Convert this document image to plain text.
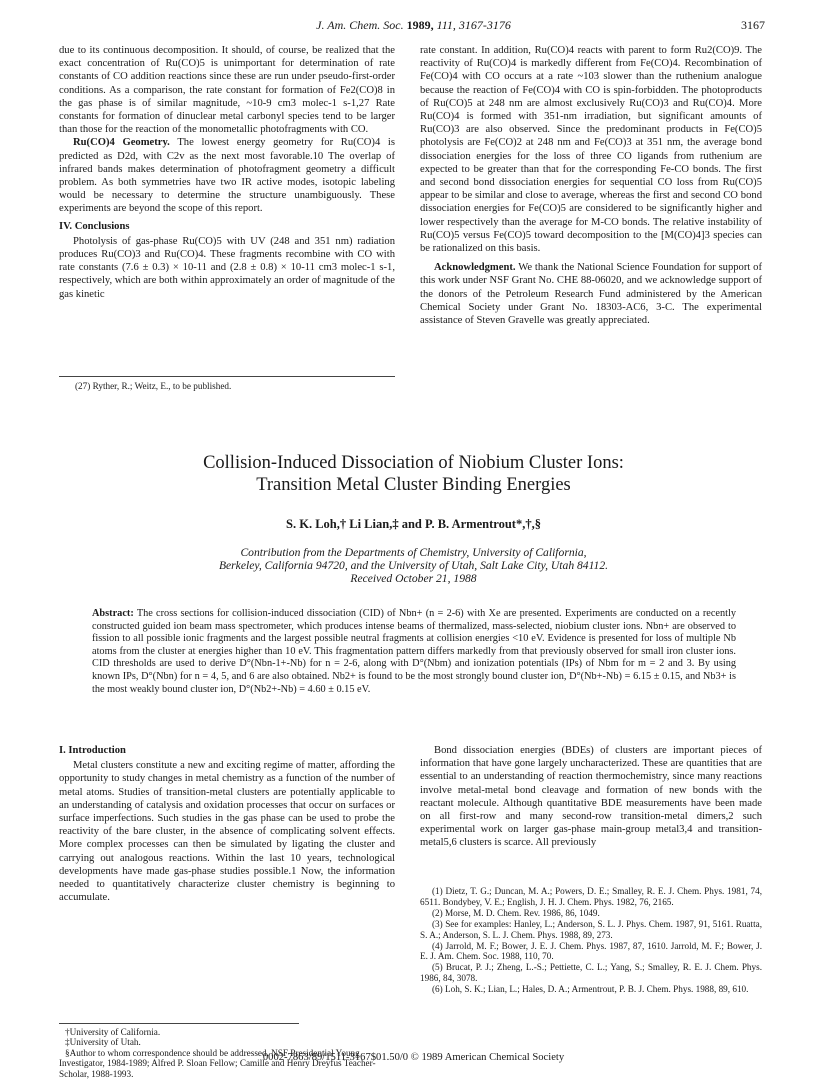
J. Am. Chem. Soc. 1989, 111, 3167-3176	3167

due to its continuous decomposition. It should, of course, be realized that the exact concentration of Ru(CO)5 is unimportant for determination of rate constants of CO addition reactions since these are run under pseudo-first-order conditions. As a comparison, the rate constant for formation of Fe2(CO)8 in the gas phase is of similar magnitude, ~10-9 cm3 molec-1 s-1,27 Rate constants for formation of dinuclear metal carbonyl species tend to be larger than those for the reaction of the monometallic photofragments with CO.

Ru(CO)4 Geometry. The lowest energy geometry for Ru(CO)4 is predicted as D2d, with C2v as the next most favorable.10 The overlap of infrared bands makes determination of photofragment geometry a difficult problem. As both symmetries have two IR active modes, isotopic labeling would be necessary to determine the structure unambiguously. These experiments are beyond the scope of this report.

IV. Conclusions

Photolysis of gas-phase Ru(CO)5 with UV (248 and 351 nm) radiation produces Ru(CO)3 and Ru(CO)4. These fragments recombine with CO with rate constants (7.6 ± 0.3) × 10-11 and (2.8 ± 0.8) × 10-11 cm3 molec-1 s-1, respectively, which are both within approximately an order of magnitude of the gas kinetic

(27) Ryther, R.; Weitz, E., to be published.

rate constant. In addition, Ru(CO)4 reacts with parent to form Ru2(CO)9. The reactivity of Ru(CO)4 is markedly different from Fe(CO)4. Recombination of Fe(CO)4 with CO occurs at a rate ~103 slower than the ruthenium analogue because the reaction of Fe(CO)4 with CO is spin-forbidden. The photoproducts of Ru(CO)5 at 248 nm are almost exclusively Ru(CO)3 and Ru(CO)4. More Ru(CO)4 is formed with 351-nm irradiation, but significant amounts of Ru(CO)3 are also observed. Since the predominant products in Fe(CO)5 photolysis are Fe(CO)2 at 248 nm and Fe(CO)3 at 351 nm, the average bond dissociation energies for the loss of three CO ligands from ruthenium are expected to be greater than that for the corresponding Fe-CO bonds. The first and second bond dissociation energies for sequential CO loss from Ru(CO)5 appear to be similar and close to average, whereas the first and second CO bond dissociation energies for Fe(CO)5 are considered to be significantly higher and lower respectively than the average for M-CO bonds. The relative instability of Ru(CO)5 versus Fe(CO)5 toward decomposition to the [M(CO)4]3 species can be rationalized on this basis.

Acknowledgment. We thank the National Science Foundation for support of this work under NSF Grant No. CHE 88-06020, and we acknowledge support of the donors of the Petroleum Research Fund administered by the American Chemical Society under Grant No. 18303-AC6, 3-C. The experimental assistance of Steven Gravelle was greatly appreciated.

Collision-Induced Dissociation of Niobium Cluster Ions:
Transition Metal Cluster Binding Energies
S. K. Loh,† Li Lian,‡ and P. B. Armentrout*,†,§
Contribution from the Departments of Chemistry, University of California,
Berkeley, California 94720, and the University of Utah, Salt Lake City, Utah 84112.
Received October 21, 1988
Abstract: The cross sections for collision-induced dissociation (CID) of Nbn+ (n = 2-6) with Xe are presented. Experiments are conducted on a recently constructed guided ion beam mass spectrometer, which produces intense beams of thermalized, mass-selected, niobium cluster ions. Nbn+ are observed to fission to all possible ionic fragments and the largest possible neutral fragments at collision energies <10 eV. Evidence is presented for loss of multiple Nb atoms from the cluster at energies higher than 10 eV. This fragmentation pattern differs markedly from that previously observed for small iron cluster ions. CID thresholds are used to derive D°(Nbn-1+-Nb) for n = 2-6, along with D°(Nbm) and ionization potentials (IPs) of Nbm for m = 2 and 3. By using known IPs, D°(Nbn) for n = 4, 5, and 6 are also obtained. Nb2+ is found to be the most strongly bound cluster ion, D°(Nb+-Nb) = 6.15 ± 0.15, and Nb3+ is the most weakly bound cluster ion, D°(Nb2+-Nb) = 4.60 ± 0.15 eV.
I. Introduction

Metal clusters constitute a new and exciting regime of matter, affording the opportunity to study changes in metal chemistry as a function of the number of metal atoms. Studies of transition-metal clusters are potentially applicable to an understanding of catalysis and oxidation processes that occur on surfaces or surface imperfections. Such studies in the gas phase can be used to probe the reactivity of the bare cluster, in the absence of complicating solvent effects. More complex processes can then be simulated by ligating the cluster and carrying out analogous reactions. Within the last 10 years, technological developments have made gas-phase studies possible.1 Now, the information needed to quantitatively characterize cluster chemistry is beginning to accumulate.

Bond dissociation energies (BDEs) of clusters are important pieces of information that have gone largely uncharacterized. These are quantities that are essential to an understanding of reaction thermochemistry, since many reactions involve metal-metal bond cleavage and formation of new bonds with the reactant molecule. Although quantitative BDE measurements have been made on all first-row and many second-row transition-metal dimers,2 such experimental work on larger gas-phase main-group metal3,4 and transition-metal5,6 clusters is scarce. All previously

(1) Dietz, T. G.; Duncan, M. A.; Powers, D. E.; Smalley, R. E. J. Chem. Phys. 1981, 74, 6511. Bondybey, V. E.; English, J. H. J. Chem. Phys. 1982, 76, 2165.

(2) Morse, M. D. Chem. Rev. 1986, 86, 1049.

(3) See for examples: Hanley, L.; Anderson, S. L. J. Phys. Chem. 1987, 91, 5161. Ruatta, S. A.; Anderson, S. L. J. Chem. Phys. 1988, 89, 273.

(4) Jarrold, M. F.; Bower, J. E. J. Chem. Phys. 1987, 87, 1610. Jarrold, M. F.; Bower, J. E. J. Am. Chem. Soc. 1988, 110, 70.

(5) Brucat, P. J.; Zheng, L.-S.; Pettiette, C. L.; Yang, S.; Smalley, R. E. J. Chem. Phys. 1986, 84, 3078.

(6) Loh, S. K.; Lian, L.; Hales, D. A.; Armentrout, P. B. J. Chem. Phys. 1988, 89, 610.

†University of California.

‡University of Utah.

§Author to whom correspondence should be addressed. NSF Presidential Young Investigator, 1984-1989; Alfred P. Sloan Fellow; Camille and Henry Dreyfus Teacher-Scholar, 1988-1993.

0002-7863/89/1511-3167$01.50/0 © 1989 American Chemical Society
